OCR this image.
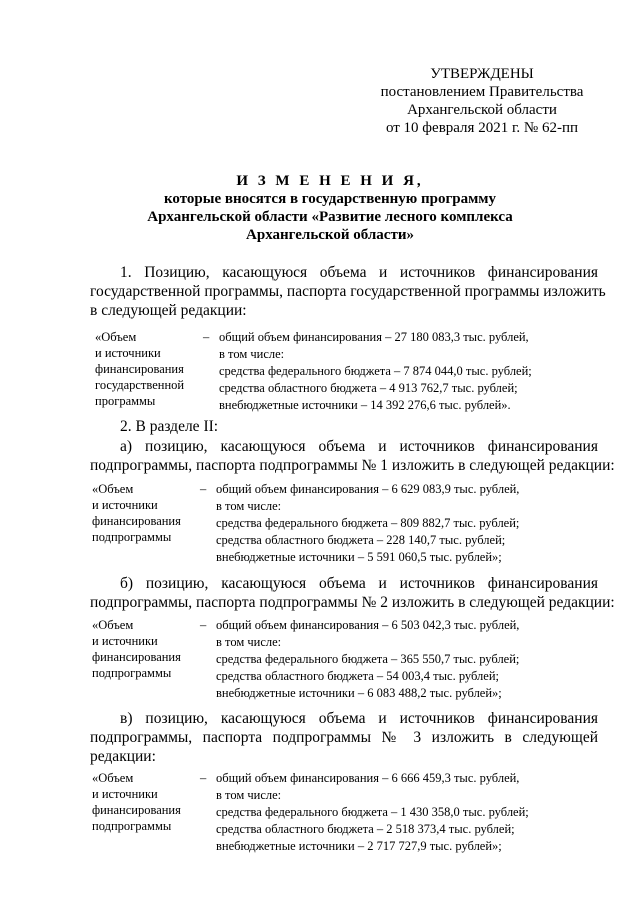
УТВЕРЖДЕНЫ
постановлением Правительства
Архангельской области
от 10 февраля 2021 г. № 62-пп
И З М Е Н Е Н И Я,
которые вносятся в государственную программу
Архангельской области «Развитие лесного комплекса
Архангельской области»
1. Позицию, касающуюся объема и источников финансирования
государственной программы, паспорта государственной программы изложить
в следующей редакции:
«Объем
и источники
финансирования
государственной
программы
– общий объем финансирования – 27 180 083,3 тыс. рублей,
в том числе:
средства федерального бюджета – 7 874 044,0 тыс. рублей;
средства областного бюджета – 4 913 762,7 тыс. рублей;
внебюджетные источники – 14 392 276,6 тыс. рублей».
2. В разделе II:
а) позицию, касающуюся объема и источников финансирования
подпрограммы, паспорта подпрограммы № 1 изложить в следующей редакции:
«Объем
и источники
финансирования
подпрограммы
– общий объем финансирования – 6 629 083,9 тыс. рублей,
в том числе:
средства федерального бюджета – 809 882,7 тыс. рублей;
средства областного бюджета – 228 140,7 тыс. рублей;
внебюджетные источники – 5 591 060,5 тыс. рублей»;
б) позицию, касающуюся объема и источников финансирования
подпрограммы, паспорта подпрограммы № 2 изложить в следующей редакции:
«Объем
и источники
финансирования
подпрограммы
– общий объем финансирования – 6 503 042,3 тыс. рублей,
в том числе:
средства федерального бюджета – 365 550,7 тыс. рублей;
средства областного бюджета – 54 003,4 тыс. рублей;
внебюджетные источники – 6 083 488,2 тыс. рублей»;
в) позицию, касающуюся объема и источников финансирования
подпрограммы, паспорта подпрограммы № 3 изложить в следующей
редакции:
«Объем
и источники
финансирования
подпрограммы
– общий объем финансирования – 6 666 459,3 тыс. рублей,
в том числе:
средства федерального бюджета – 1 430 358,0 тыс. рублей;
средства областного бюджета – 2 518 373,4 тыс. рублей;
внебюджетные источники – 2 717 727,9 тыс. рублей»;
